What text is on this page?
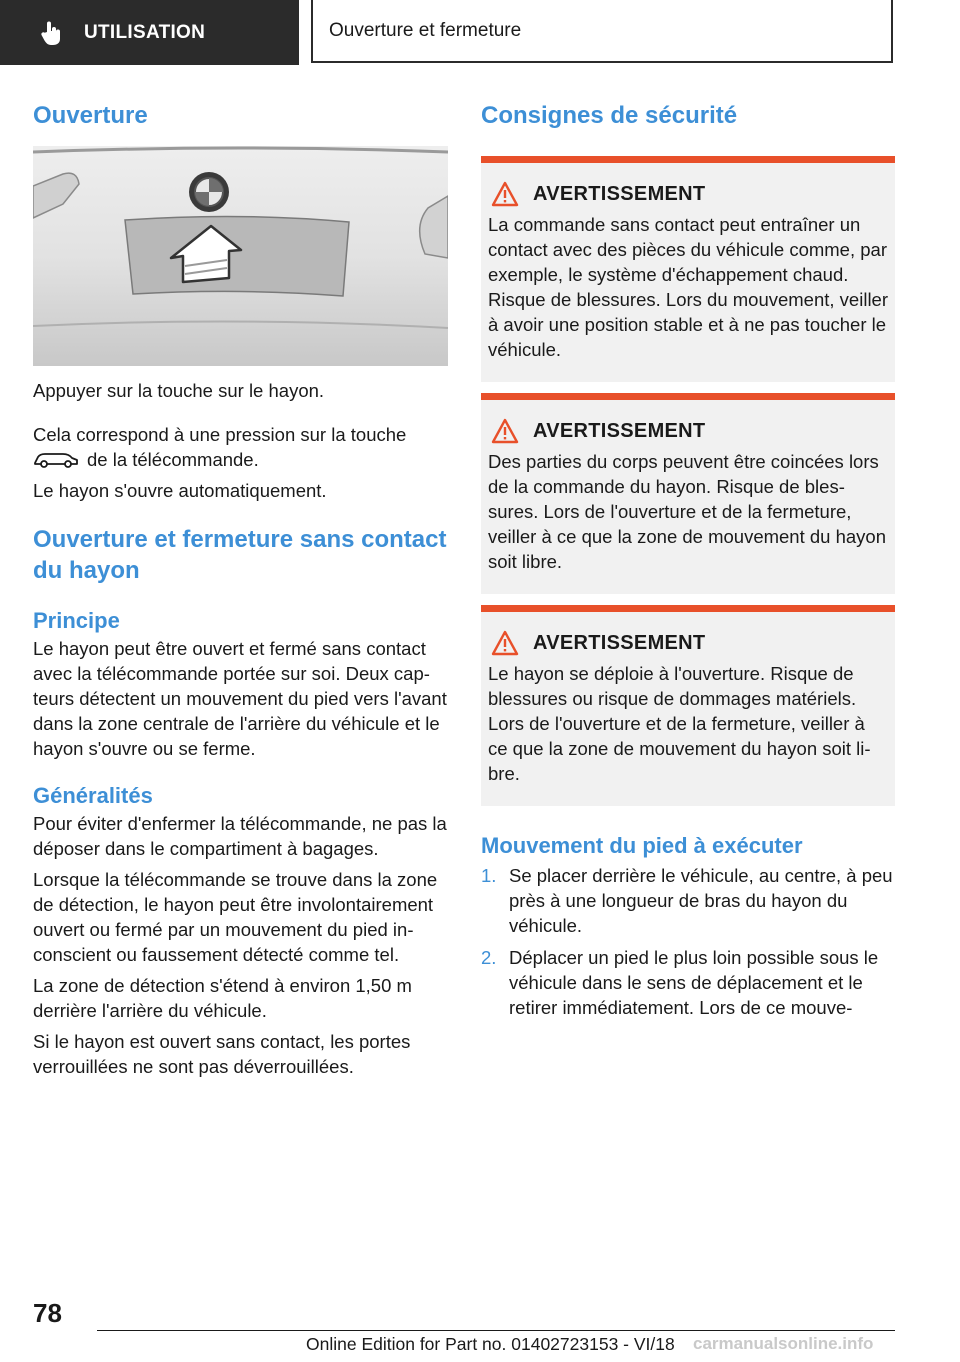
UTILISATION	Ouverture et fermeture
Ouverture

Appuyer sur la touche sur le hayon.

Cela correspond à une pression sur la touche
de la télécommande.

Le hayon s'ouvre automatiquement.

Ouverture et fermeture sans contact du hayon
Principe

Le hayon peut être ouvert et fermé sans contact avec la télécommande portée sur soi. Deux capteurs détectent un mouvement du pied vers l'avant dans la zone centrale de l'arrière du véhicule et le hayon s'ouvre ou se ferme.

Généralités

Pour éviter d'enfermer la télécommande, ne pas la déposer dans le compartiment à bagages.

Lorsque la télécommande se trouve dans la zone de détection, le hayon peut être involontairement ouvert ou fermé par un mouvement du pied inconscient ou faussement détecté comme tel.

La zone de détection s'étend à environ 1,50 m derrière l'arrière du véhicule.

Si le hayon est ouvert sans contact, les portes verrouillées ne sont pas déverrouillées.

Consignes de sécurité
AVERTISSEMENT

La commande sans contact peut entraîner un contact avec des pièces du véhicule comme, par exemple, le système d'échappement chaud. Risque de blessures. Lors du mouvement, veiller à avoir une position stable et à ne pas toucher le véhicule.

AVERTISSEMENT

Des parties du corps peuvent être coincées lors de la commande du hayon. Risque de blessures. Lors de l'ouverture et de la fermeture, veiller à ce que la zone de mouvement du hayon soit libre.

AVERTISSEMENT

Le hayon se déploie à l'ouverture. Risque de blessures ou risque de dommages matériels. Lors de l'ouverture et de la fermeture, veiller à ce que la zone de mouvement du hayon soit libre.

Mouvement du pied à exécuter
1. Se placer derrière le véhicule, au centre, à peu près à une longueur de bras du hayon du véhicule.
2. Déplacer un pied le plus loin possible sous le véhicule dans le sens de déplacement et le retirer immédiatement. Lors de ce mouve-
78
Online Edition for Part no. 01402723153 - VI/18 carmanualsonline.info
